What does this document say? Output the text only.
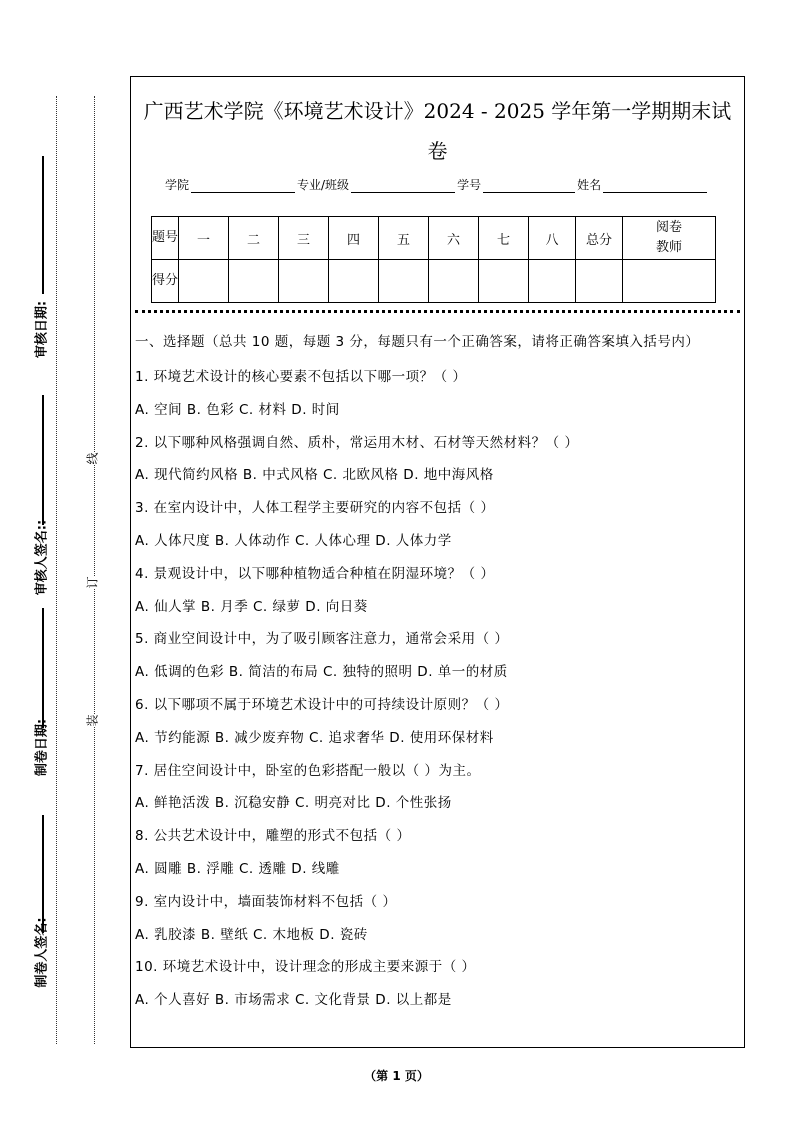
审核日期:
审核人签名::
制卷日期:
制卷人签名:
线
订
装
广西艺术学院《环境艺术设计》2024 - 2025 学年第一学期期末试
卷
学院	专业/班级	学号	姓名
题号	一	二	三	四	五	六	七	八	总分	阅卷教师
得分										
一、选择题（总共 10 题，每题 3 分，每题只有一个正确答案，请将正确答案填入括号内）
1. 环境艺术设计的核心要素不包括以下哪一项？（ ）
A. 空间 B. 色彩 C. 材料 D. 时间
2. 以下哪种风格强调自然、质朴，常运用木材、石材等天然材料？（ ）
A. 现代简约风格 B. 中式风格 C. 北欧风格 D. 地中海风格
3. 在室内设计中，人体工程学主要研究的内容不包括（ ）
A. 人体尺度 B. 人体动作 C. 人体心理 D. 人体力学
4. 景观设计中，以下哪种植物适合种植在阴湿环境？（ ）
A. 仙人掌 B. 月季 C. 绿萝 D. 向日葵
5. 商业空间设计中，为了吸引顾客注意力，通常会采用（ ）
A. 低调的色彩 B. 简洁的布局 C. 独特的照明 D. 单一的材质
6. 以下哪项不属于环境艺术设计中的可持续设计原则？（ ）
A. 节约能源 B. 减少废弃物 C. 追求奢华 D. 使用环保材料
7. 居住空间设计中，卧室的色彩搭配一般以（ ）为主。
A. 鲜艳活泼 B. 沉稳安静 C. 明亮对比 D. 个性张扬
8. 公共艺术设计中，雕塑的形式不包括（ ）
A. 圆雕 B. 浮雕 C. 透雕 D. 线雕
9. 室内设计中，墙面装饰材料不包括（ ）
A. 乳胶漆 B. 壁纸 C. 木地板 D. 瓷砖
10. 环境艺术设计中，设计理念的形成主要来源于（ ）
A. 个人喜好 B. 市场需求 C. 文化背景 D. 以上都是
（第 1 页）
